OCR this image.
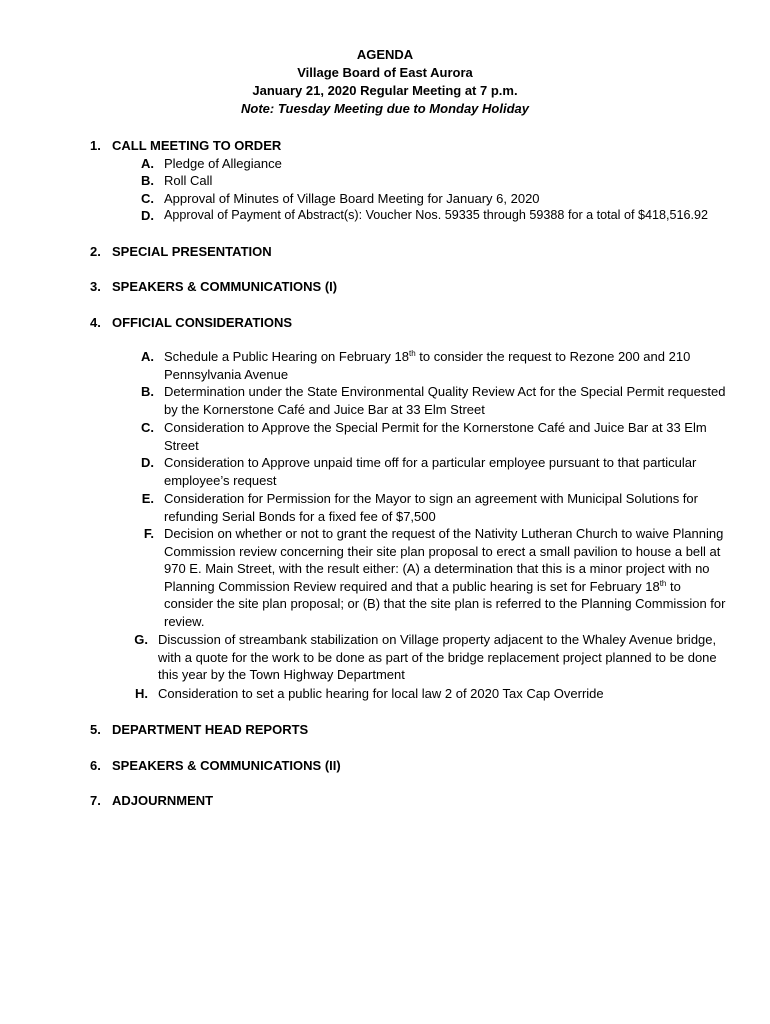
AGENDA
Village Board of East Aurora
January 21, 2020 Regular Meeting at 7 p.m.
Note: Tuesday Meeting due to Monday Holiday
1. CALL MEETING TO ORDER
A. Pledge of Allegiance
B. Roll Call
C. Approval of Minutes of Village Board Meeting for January 6, 2020
D. Approval of Payment of Abstract(s): Voucher Nos. 59335 through 59388 for a total of $418,516.92
2. SPECIAL PRESENTATION
3. SPEAKERS & COMMUNICATIONS (I)
4. OFFICIAL CONSIDERATIONS
A. Schedule a Public Hearing on February 18th to consider the request to Rezone 200 and 210
Pennsylvania Avenue
B. Determination under the State Environmental Quality Review Act for the Special Permit requested
by the Kornerstone Café and Juice Bar at 33 Elm Street
C. Consideration to Approve the Special Permit for the Kornerstone Café and Juice Bar at 33 Elm
Street
D. Consideration to Approve unpaid time off for a particular employee pursuant to that particular
employee’s request
E. Consideration for Permission for the Mayor to sign an agreement with Municipal Solutions for
refunding Serial Bonds for a fixed fee of $7,500
F. Decision on whether or not to grant the request of the Nativity Lutheran Church to waive Planning
Commission review concerning their site plan proposal to erect a small pavilion to house a bell at
970 E. Main Street, with the result either: (A) a determination that this is a minor project with no
Planning Commission Review required and that a public hearing is set for February 18th to
consider the site plan proposal; or (B) that the site plan is referred to the Planning Commission for
review.
G. Discussion of streambank stabilization on Village property adjacent to the Whaley Avenue bridge,
with a quote for the work to be done as part of the bridge replacement project planned to be done
this year by the Town Highway Department
H. Consideration to set a public hearing for local law 2 of 2020 Tax Cap Override
5. DEPARTMENT HEAD REPORTS
6. SPEAKERS & COMMUNICATIONS (II)
7. ADJOURNMENT
